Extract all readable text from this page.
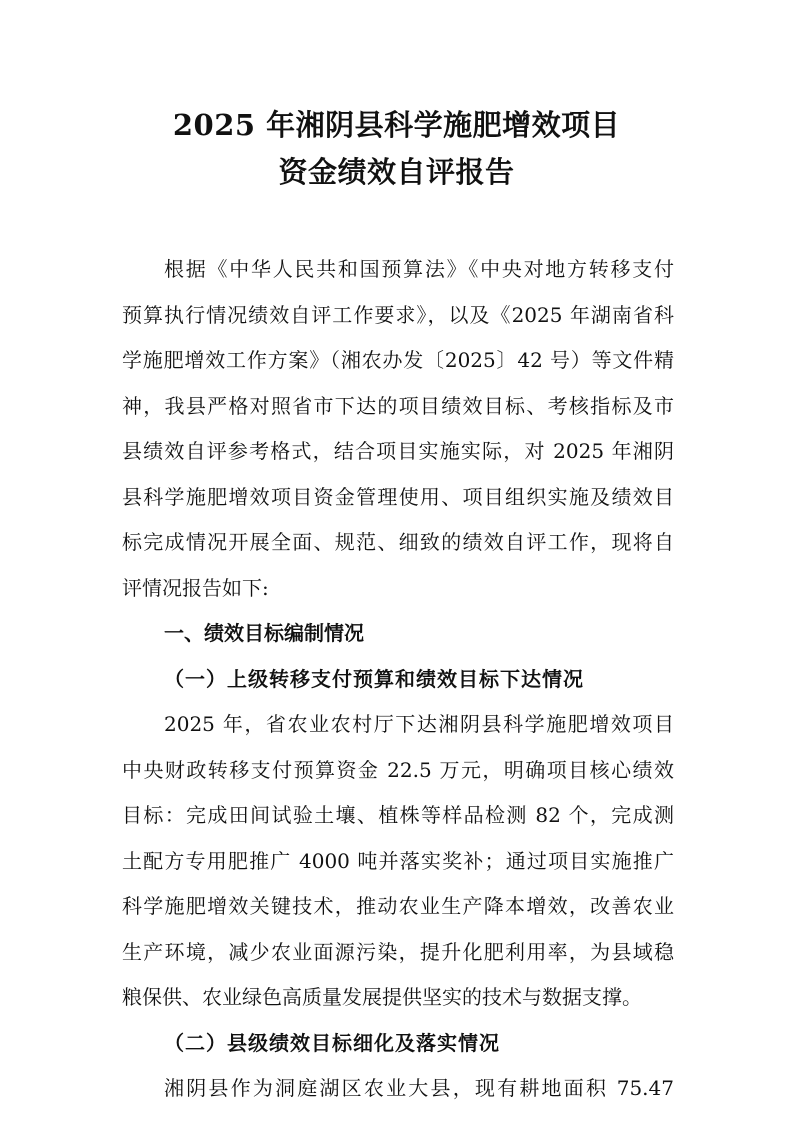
2025 年湘阴县科学施肥增效项目
资金绩效自评报告
根据《中华人民共和国预算法》《中央对地方转移支付
预算执行情况绩效自评工作要求》，以及《2025 年湖南省科
学施肥增效工作方案》（湘农办发〔2025〕42 号）等文件精
神，我县严格对照省市下达的项目绩效目标、考核指标及市
县绩效自评参考格式，结合项目实施实际，对 2025 年湘阴
县科学施肥增效项目资金管理使用、项目组织实施及绩效目
标完成情况开展全面、规范、细致的绩效自评工作，现将自
评情况报告如下:
一、绩效目标编制情况
（一）上级转移支付预算和绩效目标下达情况
2025 年，省农业农村厅下达湘阴县科学施肥增效项目
中央财政转移支付预算资金 22.5 万元，明确项目核心绩效
目标：完成田间试验土壤、植株等样品检测 82 个，完成测
土配方专用肥推广 4000 吨并落实奖补；通过项目实施推广
科学施肥增效关键技术，推动农业生产降本增效，改善农业
生产环境，减少农业面源污染，提升化肥利用率，为县域稳
粮保供、农业绿色高质量发展提供坚实的技术与数据支撑。
（二）县级绩效目标细化及落实情况
湘阴县作为洞庭湖区农业大县，现有耕地面积 75.47
